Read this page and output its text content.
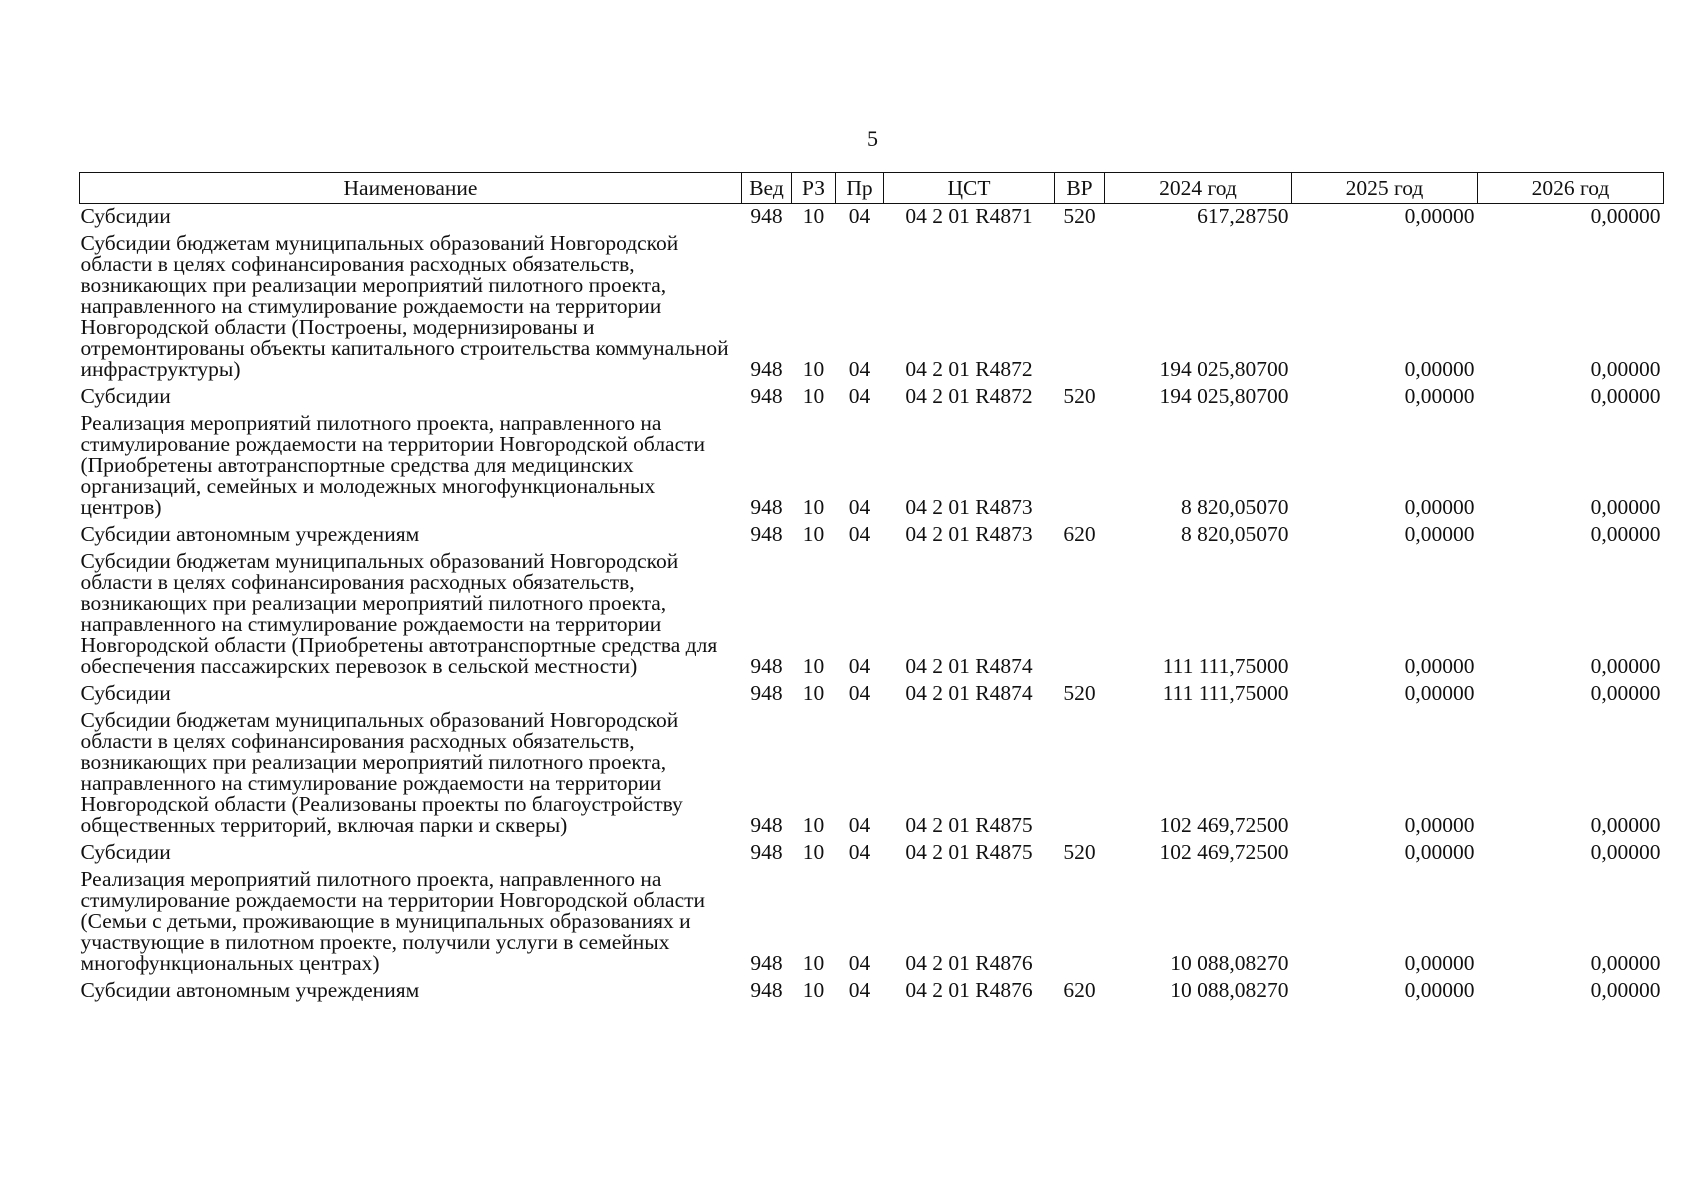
5
Наименование	Вед	РЗ	Пр	ЦСТ	ВР	2024 год	2025 год	2026 год
Субсидии	948	10	04	04 2 01 R4871	520	617,28750	0,00000	0,00000
Субсидии бюджетам муниципальных образований Новгородской области в целях софинансирования расходных обязательств, возникающих при реализации мероприятий пилотного проекта, направленного на стимулирование рождаемости на территории Новгородской области (Построены, модернизированы и отремонтированы объекты капитального строительства коммунальной инфраструктуры)	948	10	04	04 2 01 R4872		194 025,80700	0,00000	0,00000
Субсидии	948	10	04	04 2 01 R4872	520	194 025,80700	0,00000	0,00000
Реализация мероприятий пилотного проекта, направленного на стимулирование рождаемости на территории Новгородской области (Приобретены автотранспортные средства для медицинских организаций, семейных и молодежных многофункциональных центров)	948	10	04	04 2 01 R4873		8 820,05070	0,00000	0,00000
Субсидии автономным учреждениям	948	10	04	04 2 01 R4873	620	8 820,05070	0,00000	0,00000
Субсидии бюджетам муниципальных образований Новгородской области в целях софинансирования расходных обязательств, возникающих при реализации мероприятий пилотного проекта, направленного на стимулирование рождаемости на территории Новгородской области (Приобретены автотранспортные средства для обеспечения пассажирских перевозок в сельской местности)	948	10	04	04 2 01 R4874		111 111,75000	0,00000	0,00000
Субсидии	948	10	04	04 2 01 R4874	520	111 111,75000	0,00000	0,00000
Субсидии бюджетам муниципальных образований Новгородской области в целях софинансирования расходных обязательств, возникающих при реализации мероприятий пилотного проекта, направленного на стимулирование рождаемости на территории Новгородской области (Реализованы проекты по благоустройству общественных территорий, включая парки и скверы)	948	10	04	04 2 01 R4875		102 469,72500	0,00000	0,00000
Субсидии	948	10	04	04 2 01 R4875	520	102 469,72500	0,00000	0,00000
Реализация мероприятий пилотного проекта, направленного на стимулирование рождаемости на территории Новгородской области (Семьи с детьми, проживающие в муниципальных образованиях и участвующие в пилотном проекте, получили услуги в семейных многофункциональных центрах)	948	10	04	04 2 01 R4876		10 088,08270	0,00000	0,00000
Субсидии автономным учреждениям	948	10	04	04 2 01 R4876	620	10 088,08270	0,00000	0,00000
